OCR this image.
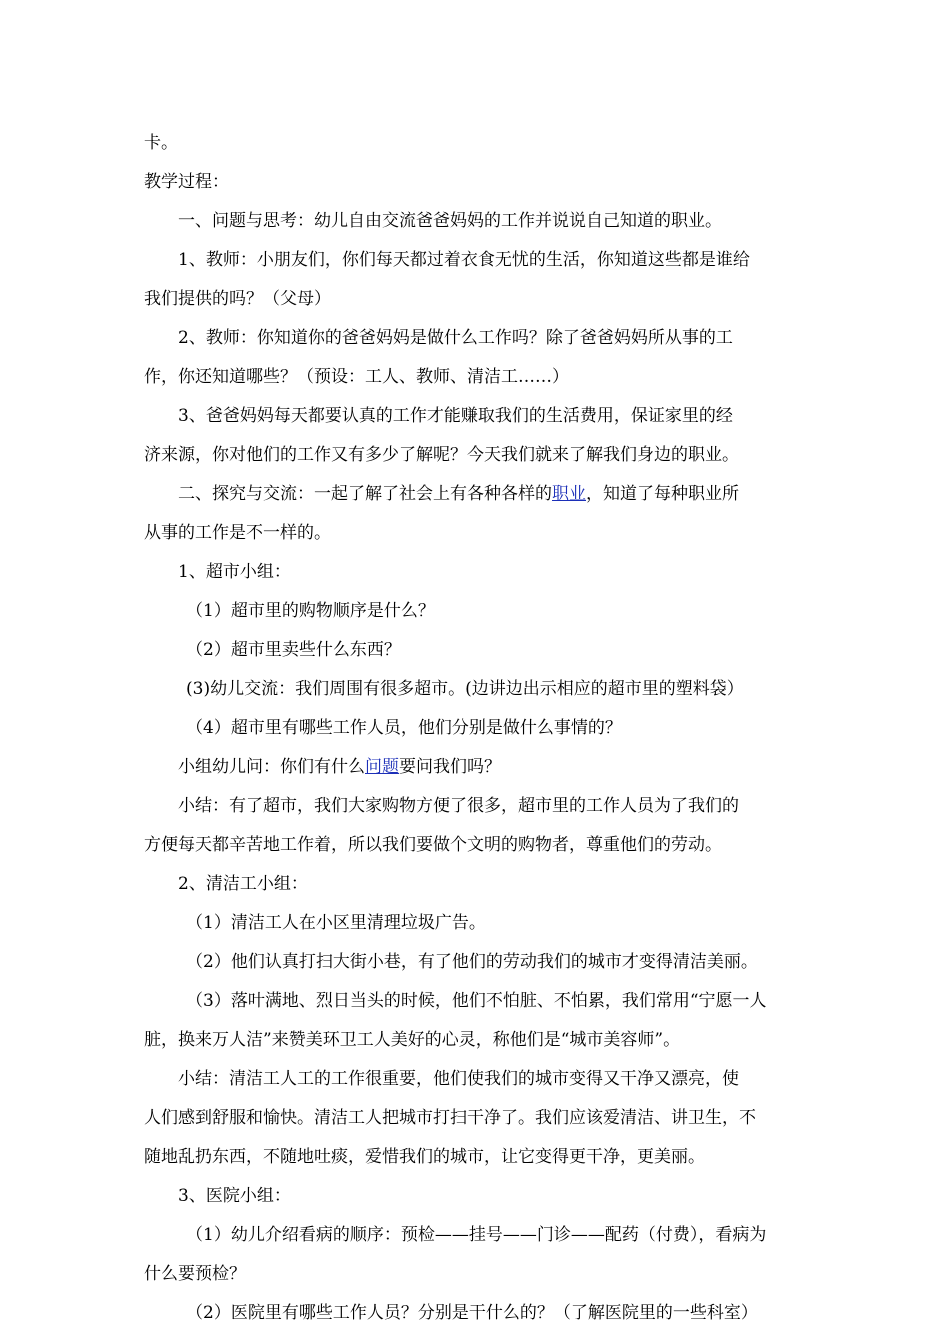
卡。
教学过程：
一、问题与思考：幼儿自由交流爸爸妈妈的工作并说说自己知道的职业。
1、教师：小朋友们，你们每天都过着衣食无忧的生活，你知道这些都是谁给
我们提供的吗？（父母）
2、教师：你知道你的爸爸妈妈是做什么工作吗？除了爸爸妈妈所从事的工
作，你还知道哪些？（预设：工人、教师、清洁工……）
3、爸爸妈妈每天都要认真的工作才能赚取我们的生活费用，保证家里的经
济来源，你对他们的工作又有多少了解呢？今天我们就来了解我们身边的职业。
二、探究与交流：一起了解了社会上有各种各样的职业，知道了每种职业所
从事的工作是不一样的。
1、超市小组：
（1）超市里的购物顺序是什么？
（2）超市里卖些什么东西？
(3)幼儿交流：我们周围有很多超市。(边讲边出示相应的超市里的塑料袋）
（4）超市里有哪些工作人员，他们分别是做什么事情的？
小组幼儿问：你们有什么问题要问我们吗？
小结：有了超市，我们大家购物方便了很多，超市里的工作人员为了我们的
方便每天都辛苦地工作着，所以我们要做个文明的购物者，尊重他们的劳动。
2、清洁工小组：
（1）清洁工人在小区里清理垃圾广告。
（2）他们认真打扫大街小巷，有了他们的劳动我们的城市才变得清洁美丽。
（3）落叶满地、烈日当头的时候，他们不怕脏、不怕累，我们常用“宁愿一人
脏，换来万人洁”来赞美环卫工人美好的心灵，称他们是“城市美容师”。
小结：清洁工人工的工作很重要，他们使我们的城市变得又干净又漂亮，使
人们感到舒服和愉快。清洁工人把城市打扫干净了。我们应该爱清洁、讲卫生，不
随地乱扔东西，不随地吐痰，爱惜我们的城市，让它变得更干净，更美丽。
3、医院小组：
（1）幼儿介绍看病的顺序：预检——挂号——门诊——配药（付费），看病为
什么要预检？
（2）医院里有哪些工作人员？分别是干什么的？（了解医院里的一些科室）
